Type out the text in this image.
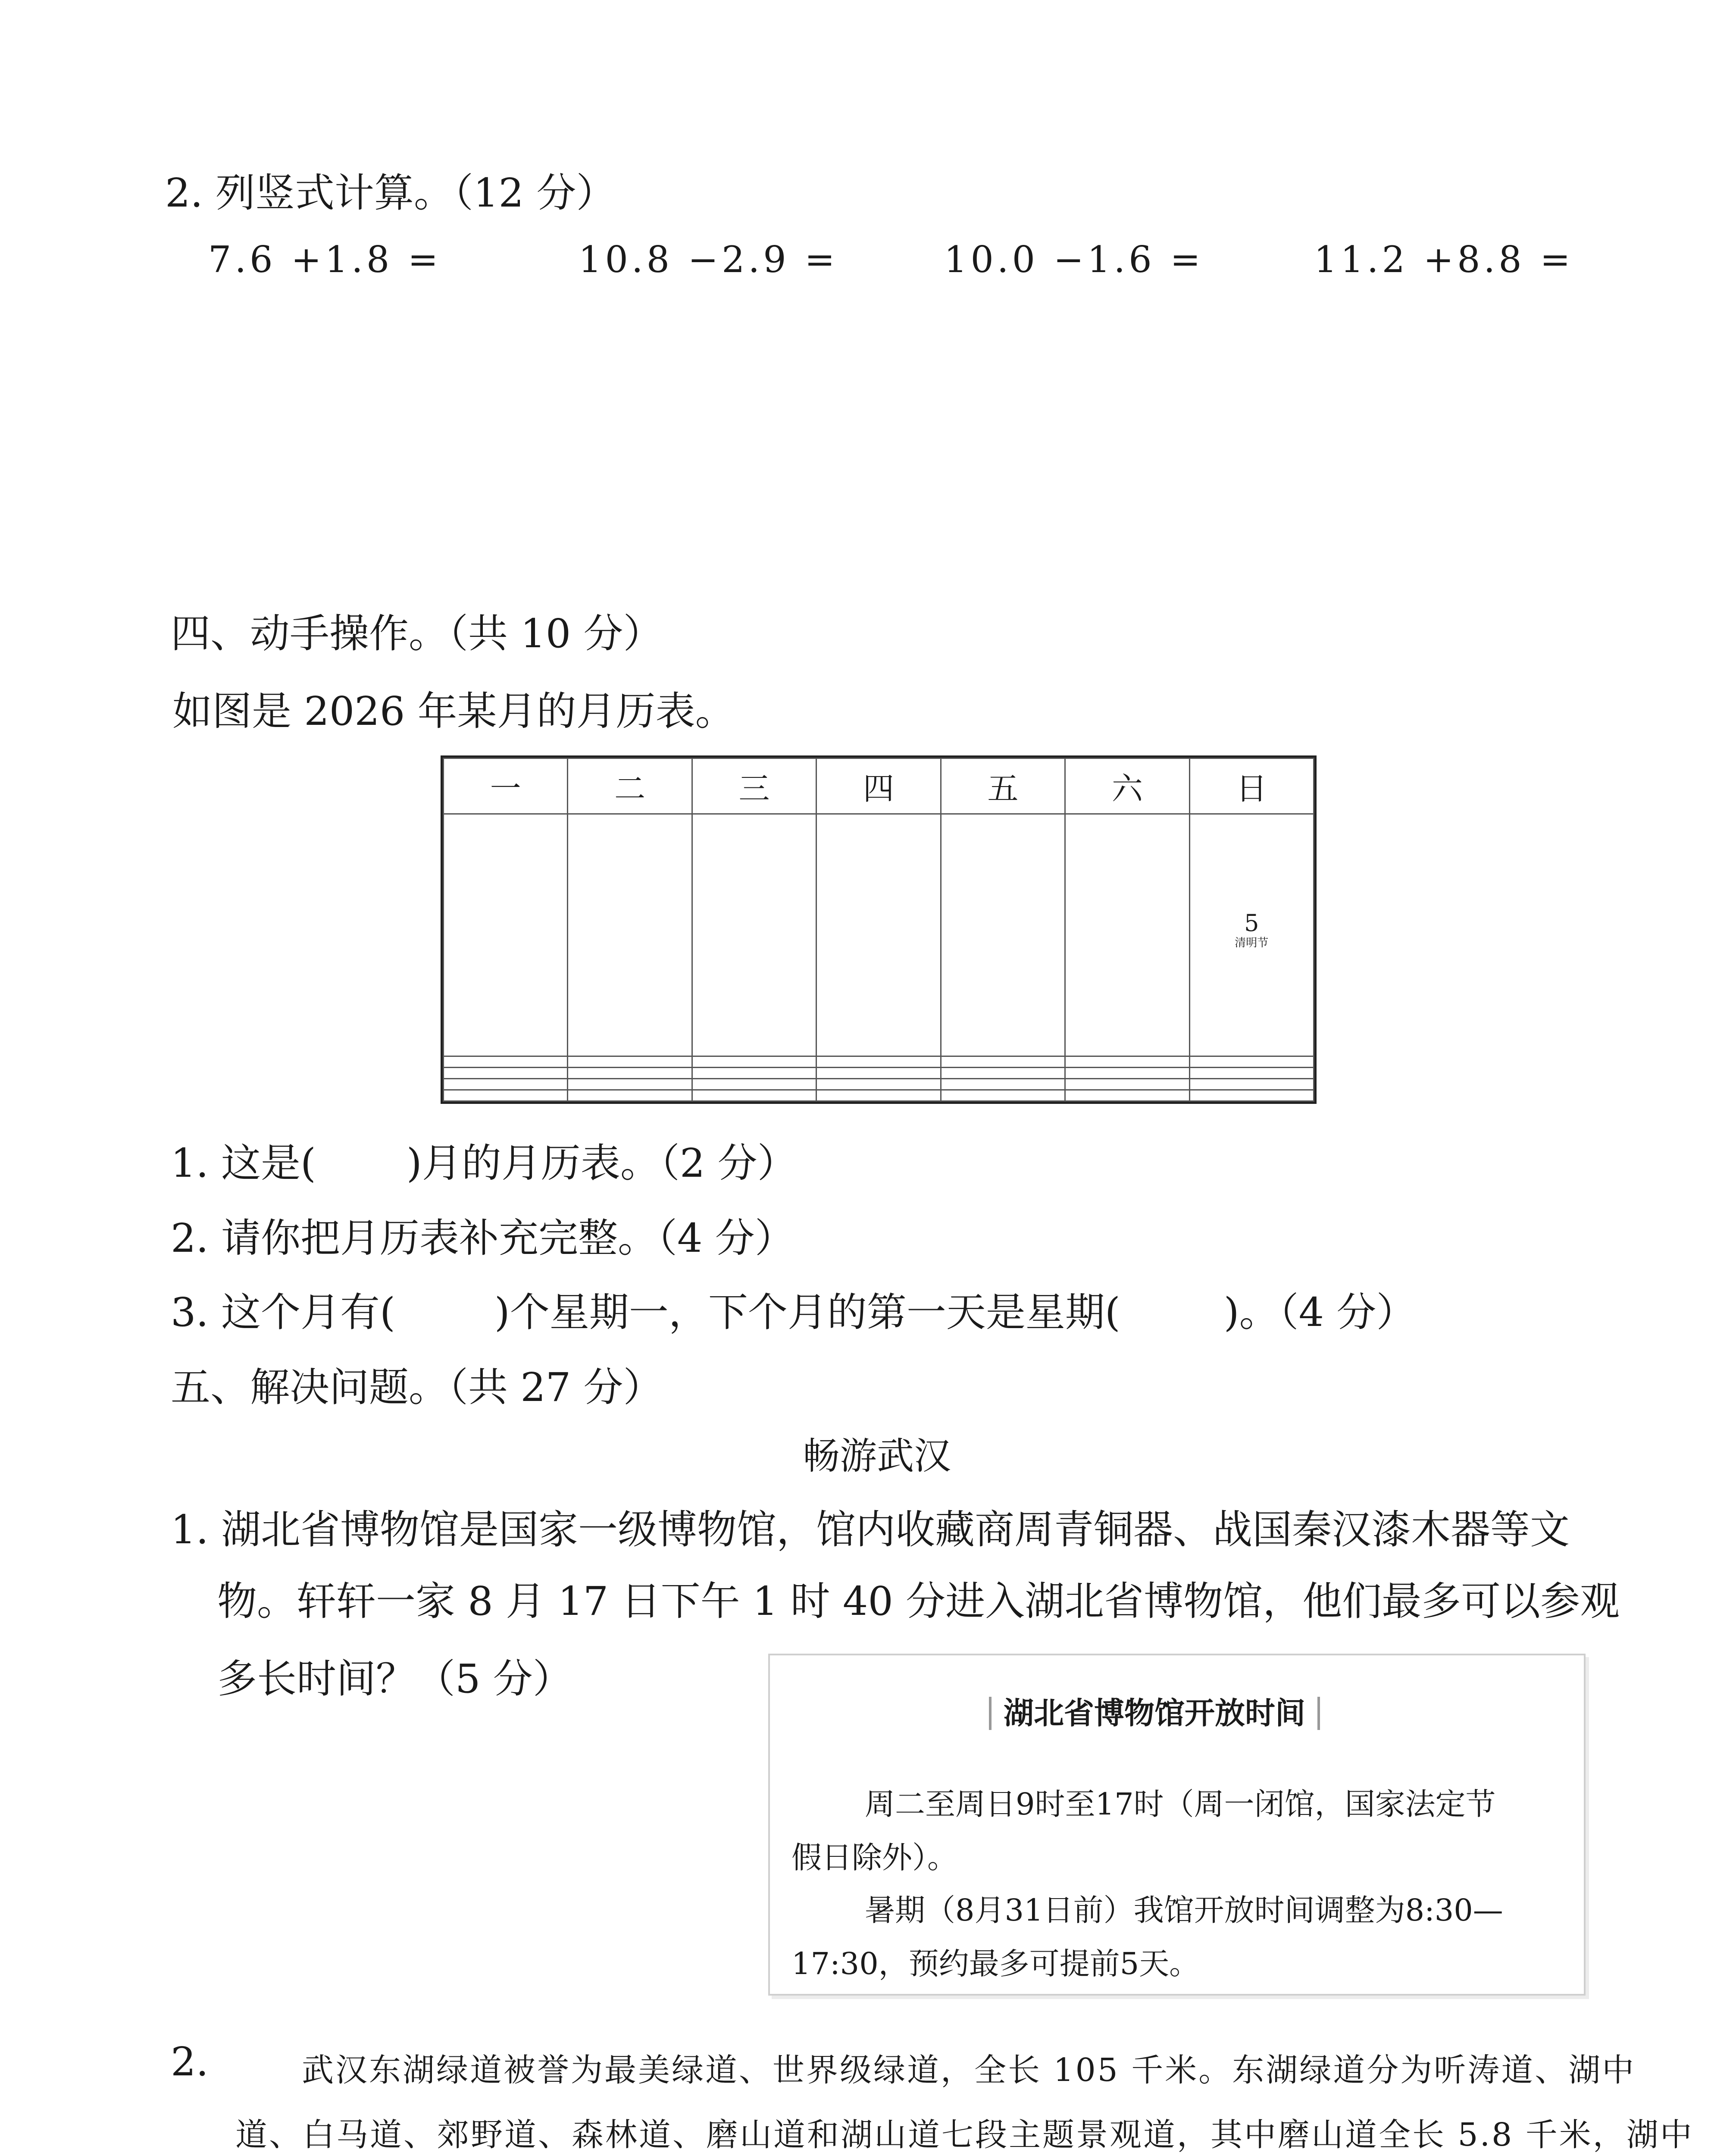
2. 列竖式计算。（12 分）
7.6 +1.8 =	10.8 −2.9 =	10.0 −1.6 =	11.2 +8.8 =
四、动手操作。（共 10 分）
如图是 2026 年某月的月历表。
一	二	三	四	五	六	日

						5
清明节

1. 这是( )月的月历表。（2 分）
2. 请你把月历表补充完整。（4 分）
3. 这个月有(	)个星期一，下个月的第一天是星期(	)。（4 分）
五、解决问题。（共 27 分）
畅游武汉
1. 湖北省博物馆是国家一级博物馆，馆内收藏商周青铜器、战国秦汉漆木器等文
物。轩轩一家 8 月 17 日下午 1 时 40 分进入湖北省博物馆，他们最多可以参观
多长时间？（5 分）
湖北省博物馆开放时间

周二至周日9时至17时（周一闭馆，国家法定节

假日除外）。

暑期（8月31日前）我馆开放时间调整为8:30—

17:30，预约最多可提前5天。

2.	武汉东湖绿道被誉为最美绿道、世界级绿道，全长 105 千米。东湖绿道分为听涛道、湖中
道、白马道、郊野道、森林道、磨山道和湖山道七段主题景观道，其中磨山道全长 5.8 千米，湖中
